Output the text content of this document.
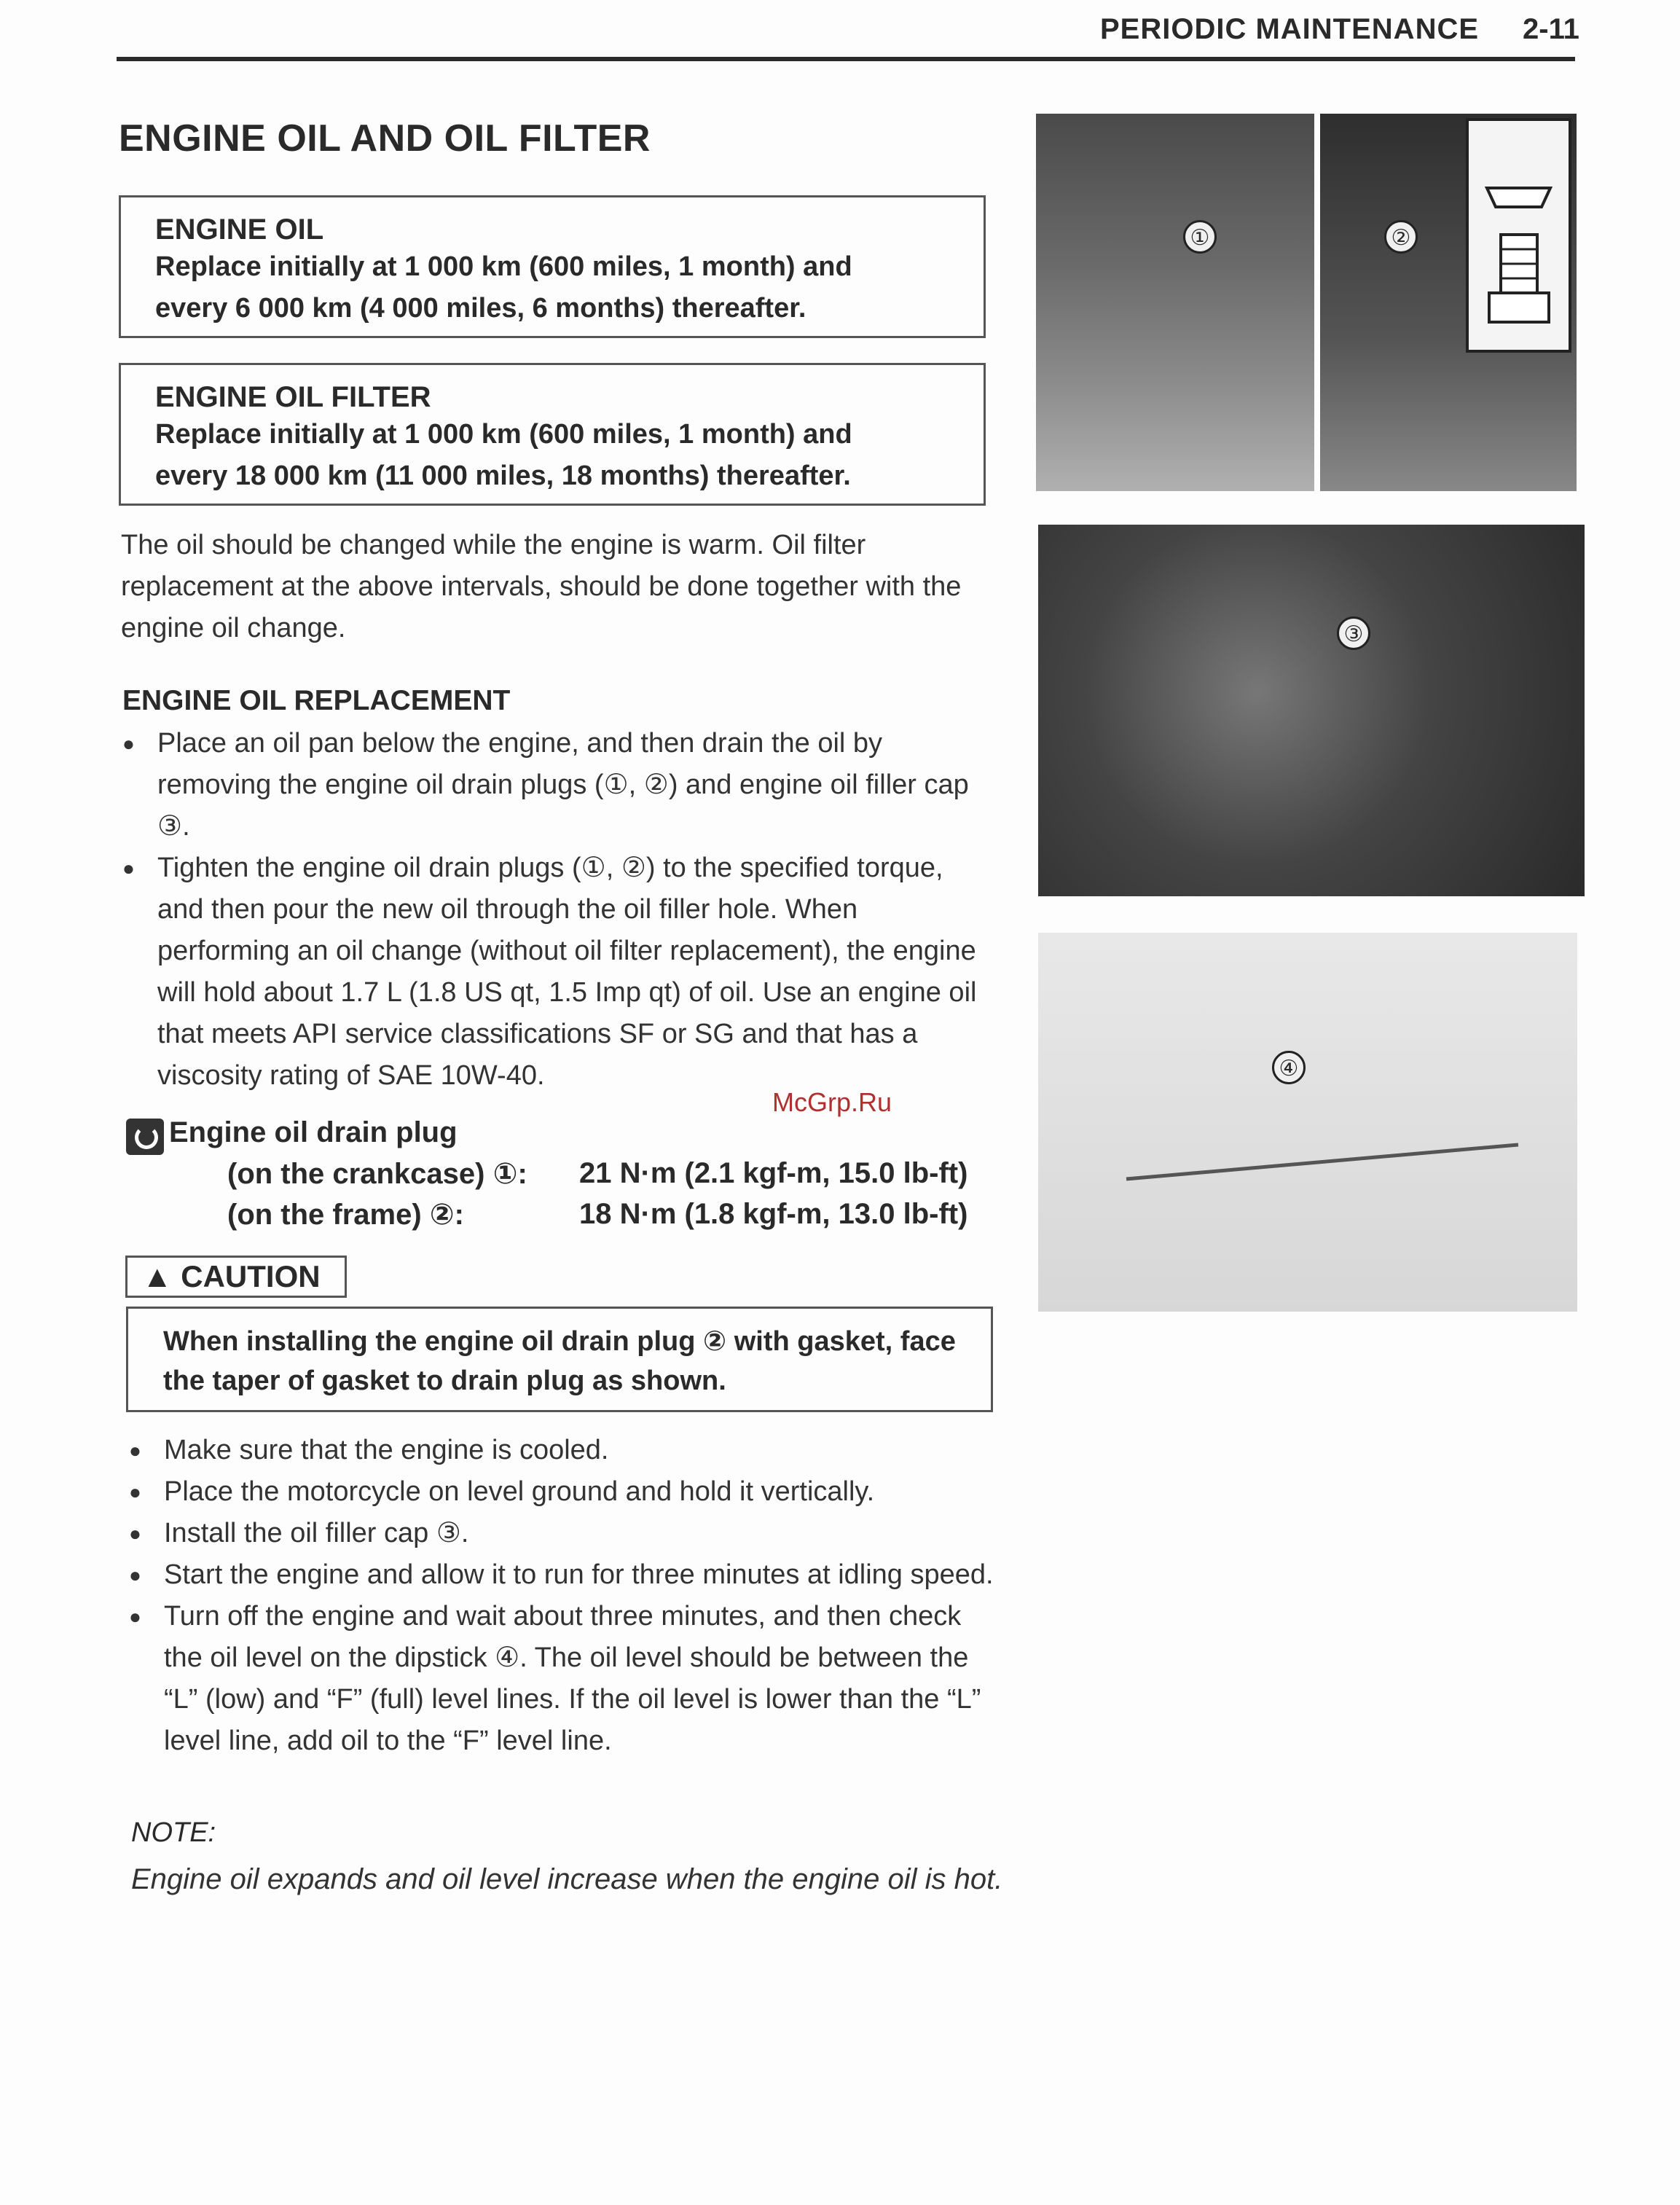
PERIODIC MAINTENANCE 2-11
ENGINE OIL AND OIL FILTER
ENGINE OIL
Replace initially at 1 000 km (600 miles, 1 month) and
every 6 000 km (4 000 miles, 6 months) thereafter.
ENGINE OIL FILTER
Replace initially at 1 000 km (600 miles, 1 month) and
every 18 000 km (11 000 miles, 18 months) thereafter.

The oil should be changed while the engine is warm. Oil filter replacement at the above intervals, should be done together with the engine oil change.

ENGINE OIL REPLACEMENT
● Place an oil pan below the engine, and then drain the oil by removing the engine oil drain plugs (①, ②) and engine oil filler cap ③.
● Tighten the engine oil drain plugs (①, ②) to the specified torque, and then pour the new oil through the oil filler hole. When performing an oil change (without oil filter replacement), the engine will hold about 1.7 L (1.8 US qt, 1.5 Imp qt) of oil. Use an engine oil that meets API service classifications SF or SG and that has a viscosity rating of SAE 10W-40.
McGrp.Ru
Engine oil drain plug
(on the crankcase) ①: 21 N·m (2.1 kgf-m, 15.0 lb-ft)
(on the frame) ②:	18 N·m (1.8 kgf-m, 13.0 lb-ft)
▲ CAUTION
When installing the engine oil drain plug ② with gasket, face the taper of gasket to drain plug as shown.
● Make sure that the engine is cooled.
● Place the motorcycle on level ground and hold it vertically.
● Install the oil filler cap ③.
● Start the engine and allow it to run for three minutes at idling speed.
● Turn off the engine and wait about three minutes, and then check the oil level on the dipstick ④. The oil level should be between the “L” (low) and “F” (full) level lines. If the oil level is lower than the “L” level line, add oil to the “F” level line.
NOTE:

Engine oil expands and oil level increase when the engine oil is hot.

①	②
③
④
